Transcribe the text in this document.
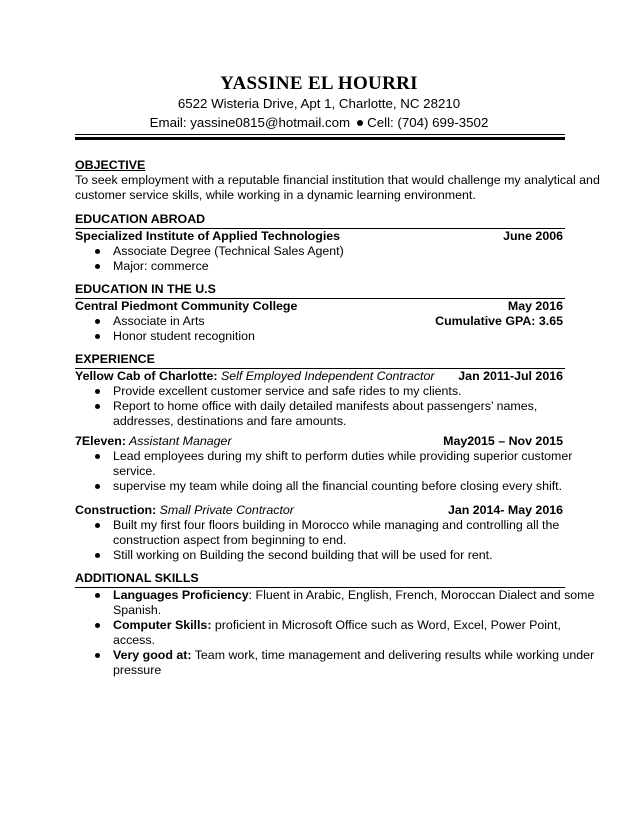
YASSINE EL HOURRI
6522 Wisteria Drive, Apt 1, Charlotte, NC 28210
Email: yassine0815@hotmail.com Cell: (704) 699-3502
OBJECTIVE
To seek employment with a reputable financial institution that would challenge my analytical and
customer service skills, while working in a dynamic learning environment.
EDUCATION ABROAD
Specialized Institute of Applied Technologies	June 2006
Associate Degree (Technical Sales Agent)
Major: commerce
EDUCATION IN THE U.S
Central Piedmont Community College	May 2016
Associate in Arts	Cumulative GPA: 3.65
Honor student recognition
EXPERIENCE
Yellow Cab of Charlotte: Self Employed Independent Contractor Jan 2011-Jul 2016
Provide excellent customer service and safe rides to my clients.
Report to home office with daily detailed manifests about passengers’ names,
addresses, destinations and fare amounts.
7Eleven: Assistant Manager	May2015 – Nov 2015
Lead employees during my shift to perform duties while providing superior customer
service.
supervise my team while doing all the financial counting before closing every shift.
Construction: Small Private Contractor	Jan 2014- May 2016
Built my first four floors building in Morocco while managing and controlling all the
construction aspect from beginning to end.
Still working on Building the second building that will be used for rent.
ADDITIONAL SKILLS
Languages Proficiency: Fluent in Arabic, English, French, Moroccan Dialect and some
Spanish.
Computer Skills: proficient in Microsoft Office such as Word, Excel, Power Point,
access.
Very good at: Team work, time management and delivering results while working under
pressure
